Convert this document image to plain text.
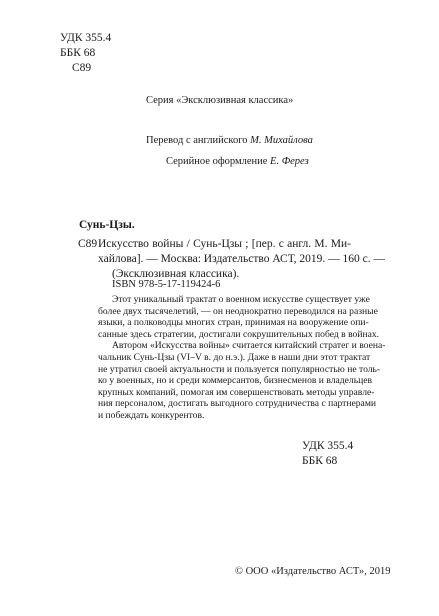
УДК 355.4
ББК 68
С89
Серия «Эксклюзивная классика»
Перевод с английского М. Михайлова
Серийное оформление Е. Ферез
Сунь-Цзы.
С89 Искусство войны / Сунь-Цзы ; [пер. с англ. М. Ми-
хайлова]. — Москва: Издательство АСТ, 2019. — 160 с. —
(Эксклюзивная классика).
ISBN 978-5-17-119424-6
Этот уникальный трактат о военном искусстве существует уже
более двух тысячелетий, — он неоднократно переводился на разные
языки, а полководцы многих стран, принимая на вооружение опи-
санные здесь стратегии, достигали сокрушительных побед в войнах.
Автором «Искусства войны» считается китайский стратег и военa-
чальник Сунь-Цзы (VI–V в. до н.э.). Даже в наши дни этот трактат
не утратил своей актуальности и пользуется популярностью не толь-
ко у военных, но и среди коммерсантов, бизнесменов и владельцев
крупных компаний, помогая им совершенствовать методы управле-
ния персоналом, достигать выгодного сотрудничества с партнерами
и побеждать конкурентов.
УДК 355.4
ББК 68
© ООО «Издательство АСТ», 2019
